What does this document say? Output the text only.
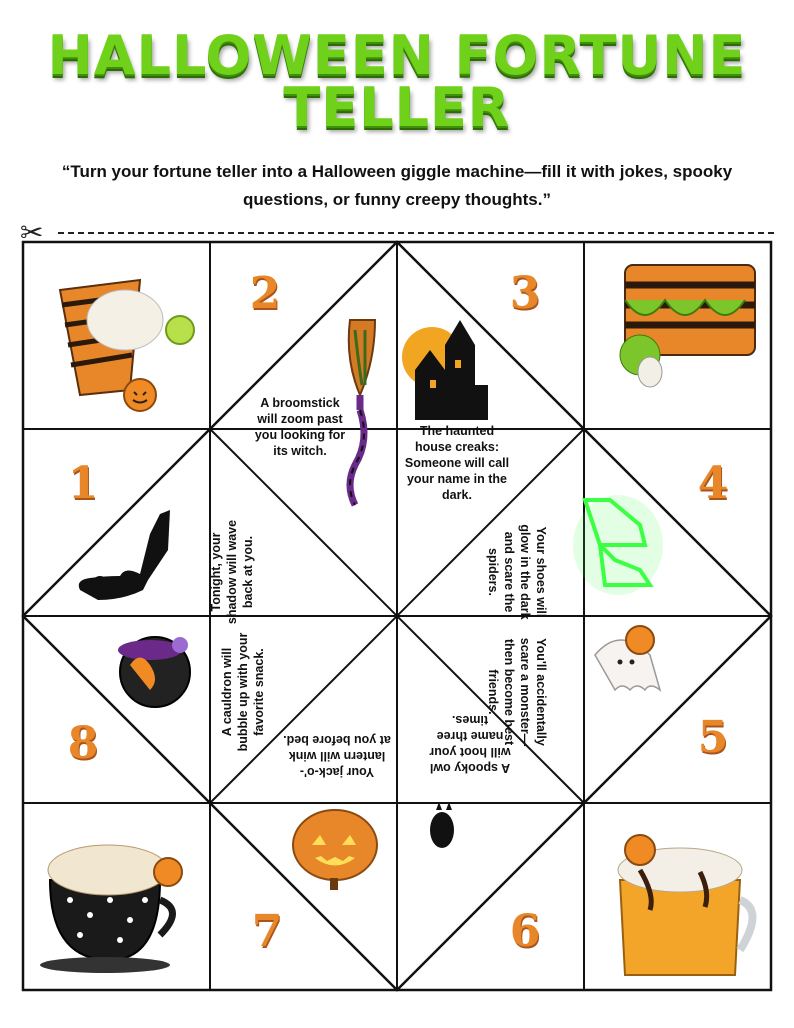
HALLOWEEN FORTUNE
TELLER
“Turn your fortune teller into a Halloween giggle machine—fill it with jokes, spooky questions, or funny creepy thoughts.”
✂
2	3
1	4
8	5
7	6
A broomstick will zoom past you looking for its witch.
The haunted house creaks: Someone will call your name in the dark.
Your shoes will glow in the dark and scare the spiders.
You'll accidentally scare a monster—then become best friends.
A spooky owl will hoot your name three times.
Your jack-o'-lantern will wink at you before bed.
A cauldron will bubble up with your favorite snack.
Tonight, your shadow will wave back at you.
